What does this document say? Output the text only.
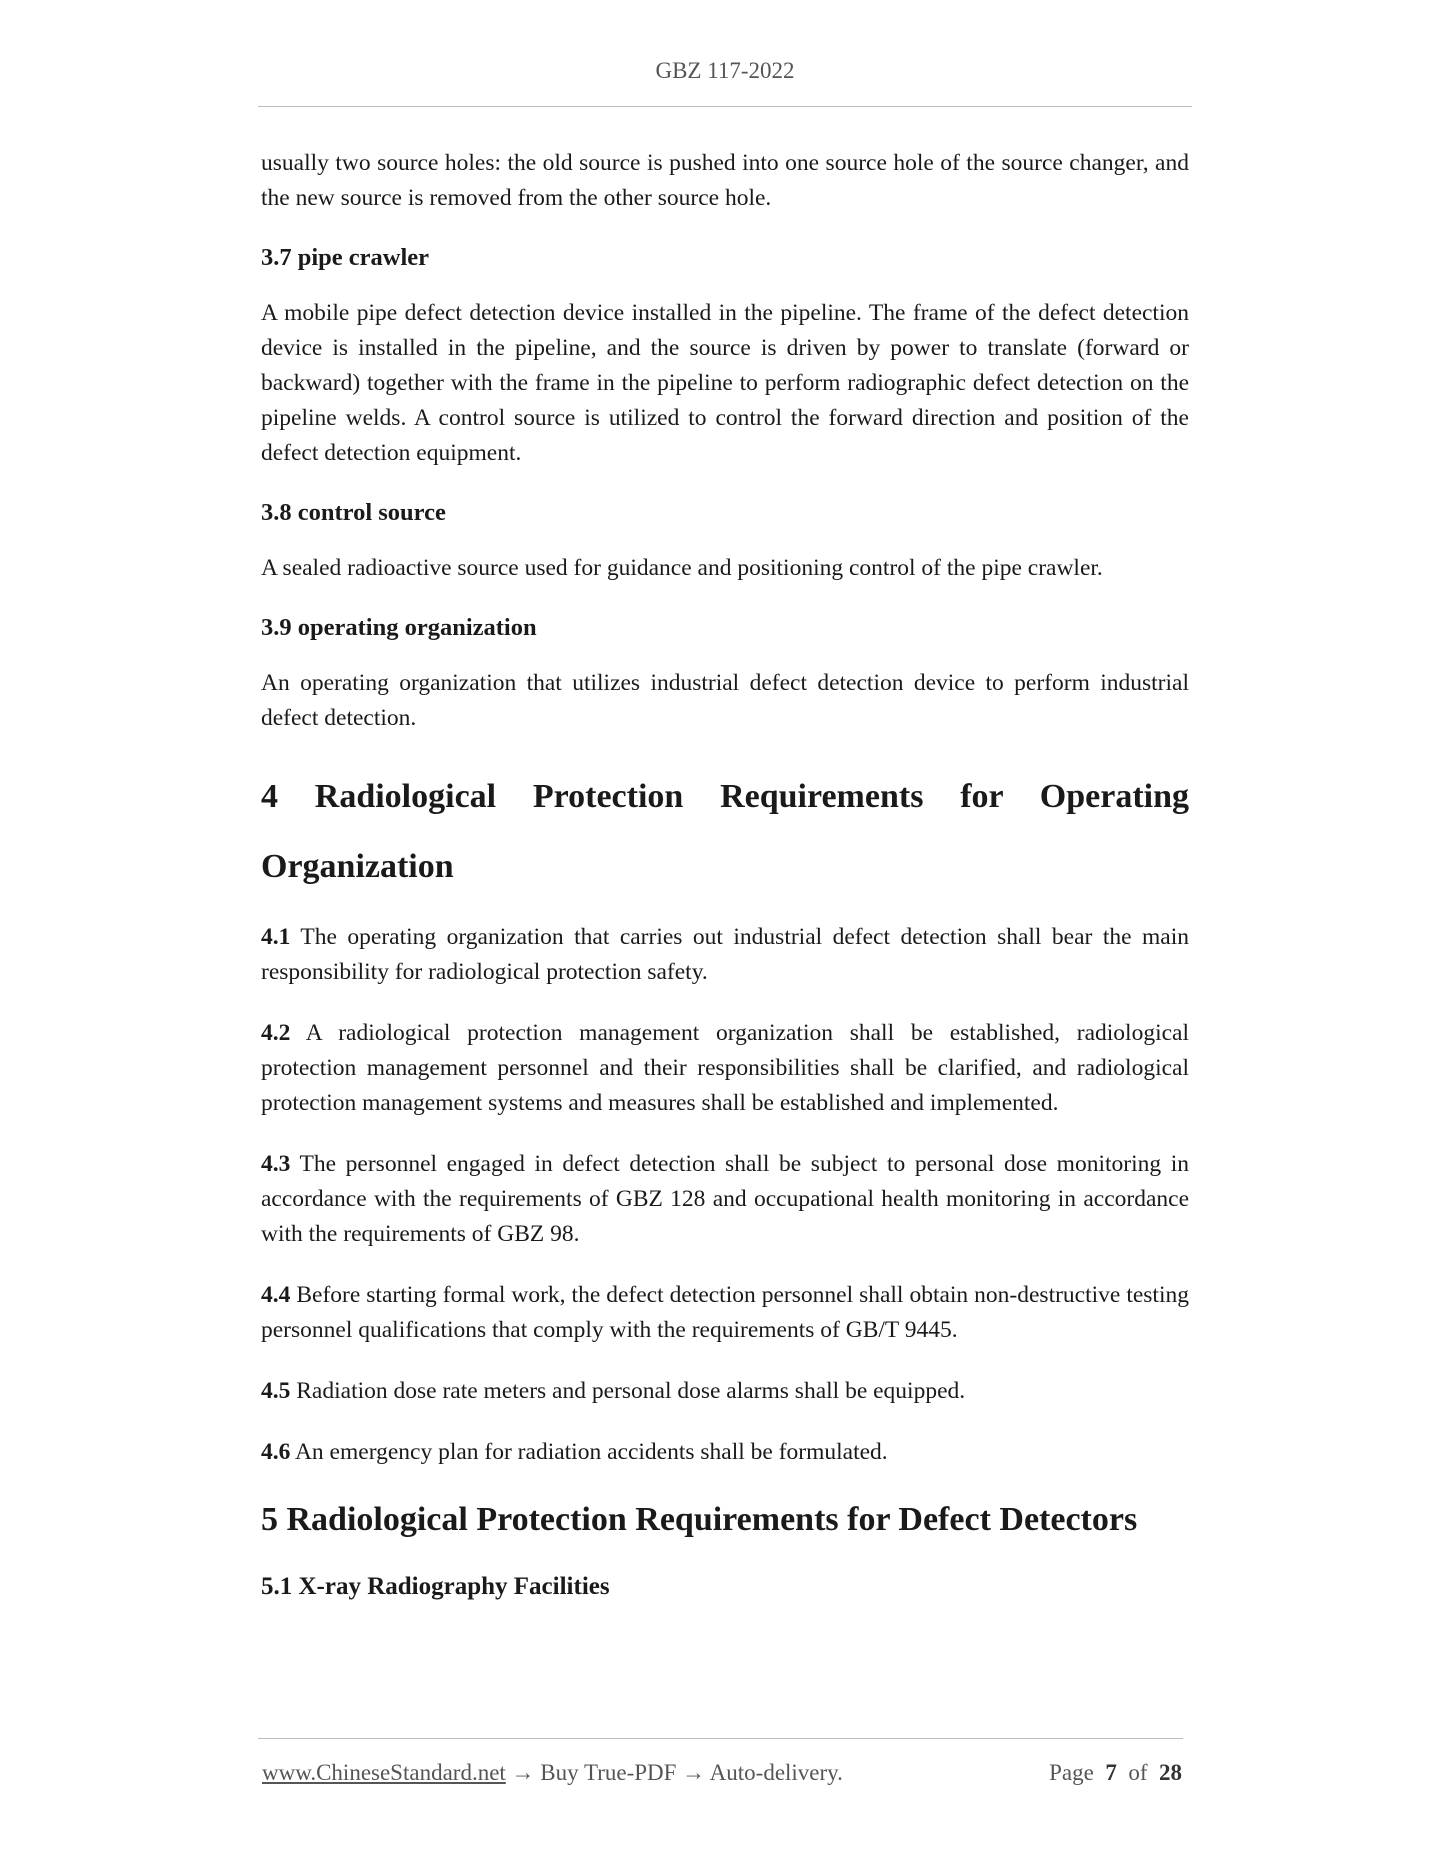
GBZ 117-2022

usually two source holes: the old source is pushed into one source hole of the source changer, and the new source is removed from the other source hole.

3.7 pipe crawler

A mobile pipe defect detection device installed in the pipeline. The frame of the defect detection device is installed in the pipeline, and the source is driven by power to translate (forward or backward) together with the frame in the pipeline to perform radiographic defect detection on the pipeline welds. A control source is utilized to control the forward direction and position of the defect detection equipment.

3.8 control source

A sealed radioactive source used for guidance and positioning control of the pipe crawler.

3.9 operating organization

An operating organization that utilizes industrial defect detection device to perform industrial defect detection.

4 Radiological Protection Requirements for Operating
Organization

4.1 The operating organization that carries out industrial defect detection shall bear the main responsibility for radiological protection safety.

4.2 A radiological protection management organization shall be established, radiological protection management personnel and their responsibilities shall be clarified, and radiological protection management systems and measures shall be established and implemented.

4.3 The personnel engaged in defect detection shall be subject to personal dose monitoring in accordance with the requirements of GBZ 128 and occupational health monitoring in accordance with the requirements of GBZ 98.

4.4 Before starting formal work, the defect detection personnel shall obtain non-destructive testing personnel qualifications that comply with the requirements of GB/T 9445.

4.5 Radiation dose rate meters and personal dose alarms shall be equipped.

4.6 An emergency plan for radiation accidents shall be formulated.

5 Radiological Protection Requirements for Defect Detectors
5.1 X-ray Radiography Facilities
www.ChineseStandard.net → Buy True-PDF → Auto-delivery.	Page 7 of 28
